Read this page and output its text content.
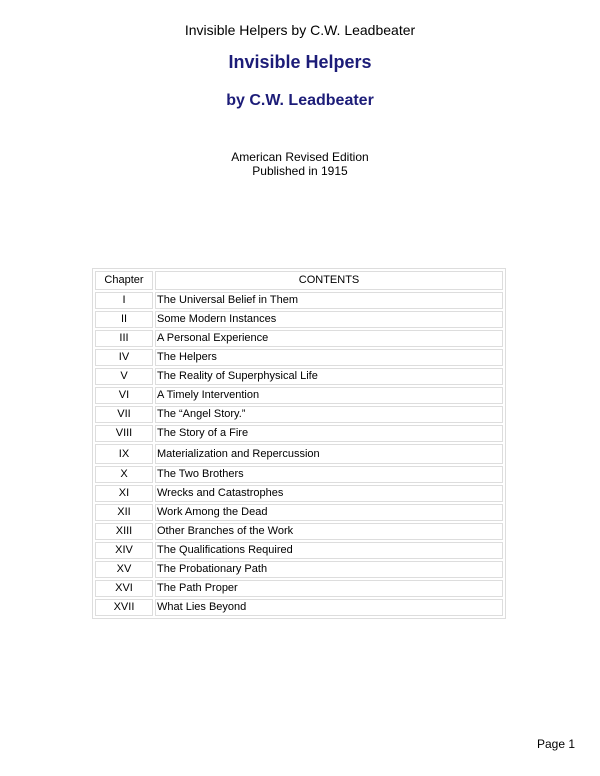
Invisible Helpers by C.W. Leadbeater
Invisible Helpers
by C.W. Leadbeater
American Revised Edition
Published in 1915
Chapter	CONTENTS
I	The Universal Belief in Them
II	Some Modern Instances
III	A Personal Experience
IV	The Helpers
V	The Reality of Superphysical Life
VI	A Timely Intervention
VII	The “Angel Story.”
VIII	The Story of a Fire
IX	Materialization and Repercussion
X	The Two Brothers
XI	Wrecks and Catastrophes
XII	Work Among the Dead
XIII	Other Branches of the Work
XIV	The Qualifications Required
XV	The Probationary Path
XVI	The Path Proper
XVII	What Lies Beyond
Page 1
